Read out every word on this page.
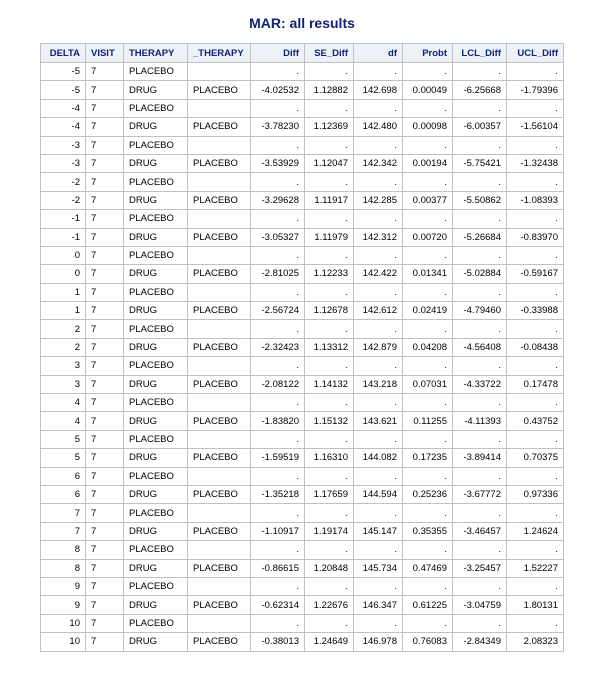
MAR: all results
DELTA	VISIT	THERAPY	_THERAPY	Diff	SE_Diff	df	Probt	LCL_Diff	UCL_Diff
-5	7	PLACEBO		.	.	.	.	.	.
-5	7	DRUG	PLACEBO	-4.02532	1.12882	142.698	0.00049	-6.25668	-1.79396
-4	7	PLACEBO		.	.	.	.	.	.
-4	7	DRUG	PLACEBO	-3.78230	1.12369	142.480	0.00098	-6.00357	-1.56104
-3	7	PLACEBO		.	.	.	.	.	.
-3	7	DRUG	PLACEBO	-3.53929	1.12047	142.342	0.00194	-5.75421	-1.32438
-2	7	PLACEBO		.	.	.	.	.	.
-2	7	DRUG	PLACEBO	-3.29628	1.11917	142.285	0.00377	-5.50862	-1.08393
-1	7	PLACEBO		.	.	.	.	.	.
-1	7	DRUG	PLACEBO	-3.05327	1.11979	142.312	0.00720	-5.26684	-0.83970
0	7	PLACEBO		.	.	.	.	.	.
0	7	DRUG	PLACEBO	-2.81025	1.12233	142.422	0.01341	-5.02884	-0.59167
1	7	PLACEBO		.	.	.	.	.	.
1	7	DRUG	PLACEBO	-2.56724	1.12678	142.612	0.02419	-4.79460	-0.33988
2	7	PLACEBO		.	.	.	.	.	.
2	7	DRUG	PLACEBO	-2.32423	1.13312	142.879	0.04208	-4.56408	-0.08438
3	7	PLACEBO		.	.	.	.	.	.
3	7	DRUG	PLACEBO	-2.08122	1.14132	143.218	0.07031	-4.33722	0.17478
4	7	PLACEBO		.	.	.	.	.	.
4	7	DRUG	PLACEBO	-1.83820	1.15132	143.621	0.11255	-4.11393	0.43752
5	7	PLACEBO		.	.	.	.	.	.
5	7	DRUG	PLACEBO	-1.59519	1.16310	144.082	0.17235	-3.89414	0.70375
6	7	PLACEBO		.	.	.	.	.	.
6	7	DRUG	PLACEBO	-1.35218	1.17659	144.594	0.25236	-3.67772	0.97336
7	7	PLACEBO		.	.	.	.	.	.
7	7	DRUG	PLACEBO	-1.10917	1.19174	145.147	0.35355	-3.46457	1.24624
8	7	PLACEBO		.	.	.	.	.	.
8	7	DRUG	PLACEBO	-0.86615	1.20848	145.734	0.47469	-3.25457	1.52227
9	7	PLACEBO		.	.	.	.	.	.
9	7	DRUG	PLACEBO	-0.62314	1.22676	146.347	0.61225	-3.04759	1.80131
10	7	PLACEBO		.	.	.	.	.	.
10	7	DRUG	PLACEBO	-0.38013	1.24649	146.978	0.76083	-2.84349	2.08323
